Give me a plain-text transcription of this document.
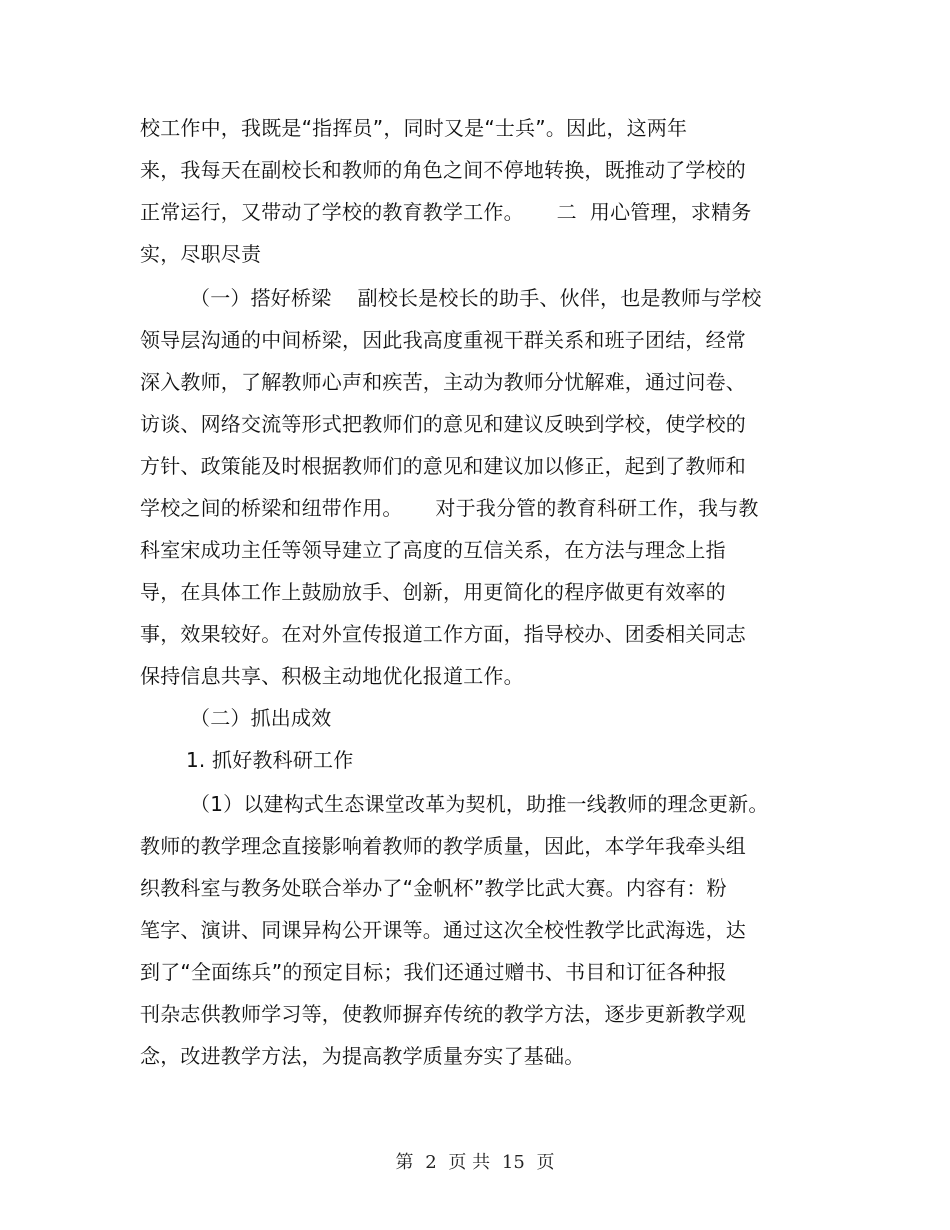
校工作中，我既是“指挥员”，同时又是“士兵”。因此，这两年
来，我每天在副校长和教师的角色之间不停地转换，既推动了学校的
正常运行，又带动了学校的教育教学工作。     二  用心管理，求精务
实，尽职尽责
（一）搭好桥梁    副校长是校长的助手、伙伴，也是教师与学校
领导层沟通的中间桥梁，因此我高度重视干群关系和班子团结，经常
深入教师，了解教师心声和疾苦，主动为教师分忧解难，通过问卷、
访谈、网络交流等形式把教师们的意见和建议反映到学校，使学校的
方针、政策能及时根据教师们的意见和建议加以修正，起到了教师和
学校之间的桥梁和纽带作用。     对于我分管的教育科研工作，我与教
科室宋成功主任等领导建立了高度的互信关系，在方法与理念上指
导，在具体工作上鼓励放手、创新，用更简化的程序做更有效率的
事，效果较好。在对外宣传报道工作方面，指导校办、团委相关同志
保持信息共享、积极主动地优化报道工作。
（二）抓出成效
1. 抓好教科研工作
（1）以建构式生态课堂改革为契机，助推一线教师的理念更新。
教师的教学理念直接影响着教师的教学质量，因此，本学年我牵头组
织教科室与教务处联合举办了“金帆杯”教学比武大赛。内容有：粉
笔字、演讲、同课异构公开课等。通过这次全校性教学比武海选，达
到了“全面练兵”的预定目标；我们还通过赠书、书目和订征各种报
刊杂志供教师学习等，使教师摒弃传统的教学方法，逐步更新教学观
念，改进教学方法，为提高教学质量夯实了基础。
第 2 页 共 15 页
